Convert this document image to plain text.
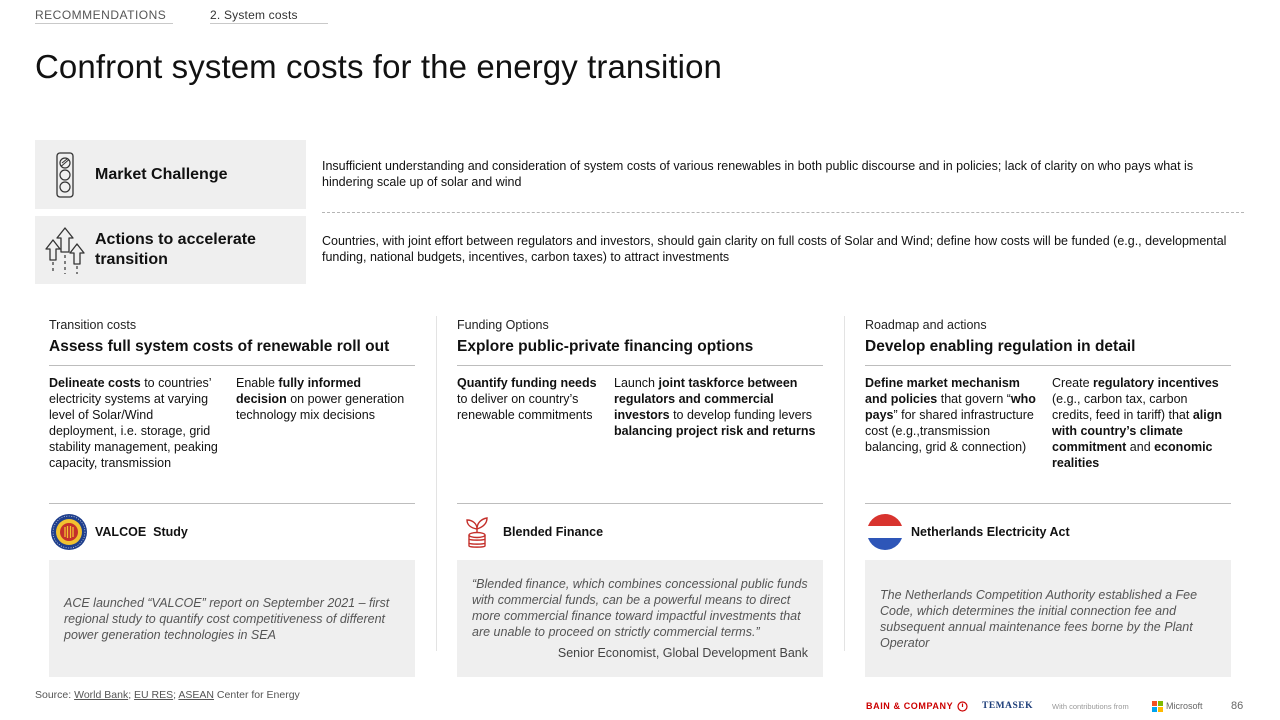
RECOMMENDATIONS	2. System costs
Confront system costs for the energy transition
Market Challenge	Insufficient understanding and consideration of system costs of various renewables in both public discourse and in policies; lack of clarity on who pays what is hindering scale up of solar and wind
Actions to accelerate transition
Countries, with joint effort between regulators and investors, should gain clarity on full costs of Solar and Wind; define how costs will be funded (e.g., developmental funding, national budgets, incentives, carbon taxes) to attract investments
Transition costs
Assess full system costs of renewable roll out
Delineate costs to countries’ electricity systems at varying level of Solar/Wind deployment, i.e. storage, grid stability management, peaking capacity, transmission
Enable fully informed decision on power generation technology mix decisions
VALCOE  Study
ACE launched “VALCOE” report on September 2021 – first regional study to quantify cost competitiveness of different power generation technologies in SEA
Funding Options
Explore public-private financing options
Quantify funding needs to deliver on country’s renewable commitments
Launch joint taskforce between regulators and commercial investors to develop funding levers balancing project risk and returns
Blended Finance
“Blended finance, which combines concessional public funds with commercial funds, can be a powerful means to direct more commercial finance toward impactful investments that are unable to proceed on strictly commercial terms.”
Senior Economist, Global Development Bank
Roadmap and actions
Develop enabling regulation in detail
Define market mechanism and policies that govern “who pays” for shared infrastructure cost (e.g.,transmission balancing, grid & connection)
Create regulatory incentives (e.g., carbon tax, carbon credits, feed in tariff) that align with country’s climate commitment and economic realities
Netherlands Electricity Act
The Netherlands Competition Authority established a Fee Code, which determines the initial connection fee and subsequent annual maintenance fees borne by the Plant Operator
Source: World Bank; EU RES; ASEAN Center for Energy
BAIN & COMPANY	TEMASEK	With contributions from	Microsoft	86
